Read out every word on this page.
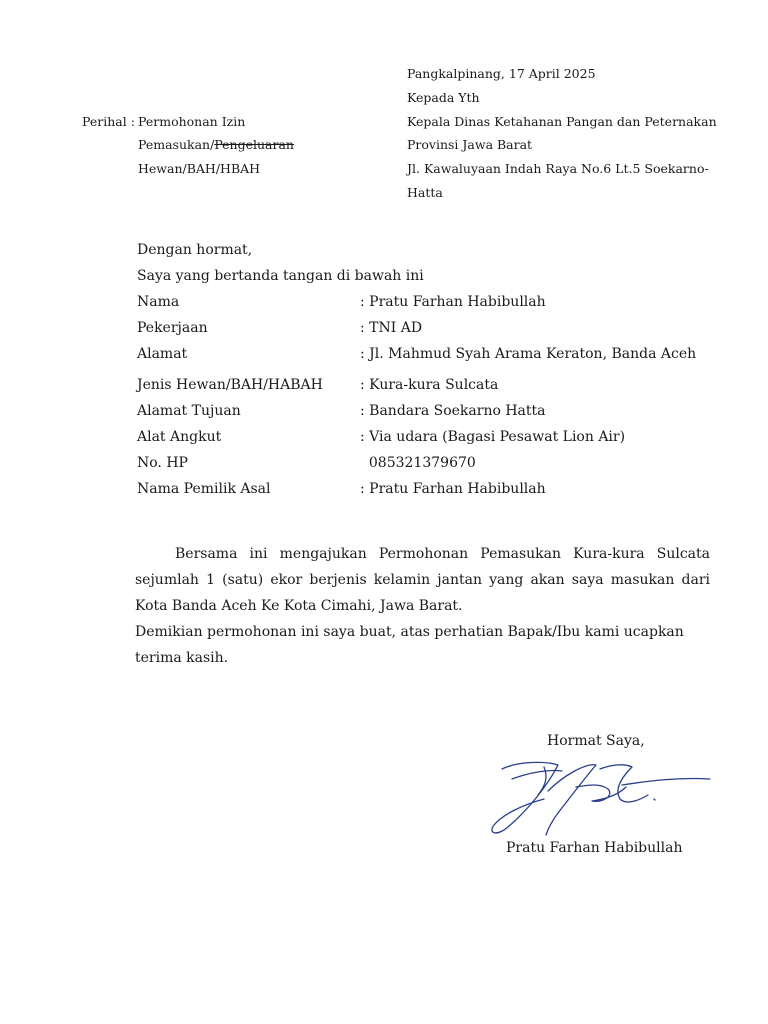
Pangkalpinang, 17 April 2025
Kepada Yth
Kepala Dinas Ketahanan Pangan dan Peternakan
Provinsi Jawa Barat
Jl. Kawaluyaan Indah Raya No.6 Lt.5 Soekarno-
Hatta
Perihal : Permohonan Izin
Pemasukan/Pengeluaran
Hewan/BAH/HBAH
Dengan hormat,
Saya yang bertanda tangan di bawah ini
Nama	: Pratu Farhan Habibullah
Pekerjaan	: TNI AD
Alamat	: Jl. Mahmud Syah Arama Keraton, Banda Aceh
Jenis Hewan/BAH/HABAH	: Kura-kura Sulcata
Alamat Tujuan	: Bandara Soekarno Hatta
Alat Angkut	: Via udara (Bagasi Pesawat Lion Air)
No. HP	085321379670
Nama Pemilik Asal	: Pratu Farhan Habibullah

Bersama ini mengajukan Permohonan Pemasukan Kura-kura Sulcata sejumlah 1 (satu) ekor berjenis kelamin jantan yang akan saya masukan dari Kota Banda Aceh Ke Kota Cimahi, Jawa Barat.

Demikian permohonan ini saya buat, atas perhatian Bapak/Ibu kami ucapkan terima kasih.

Hormat Saya,
Pratu Farhan Habibullah
